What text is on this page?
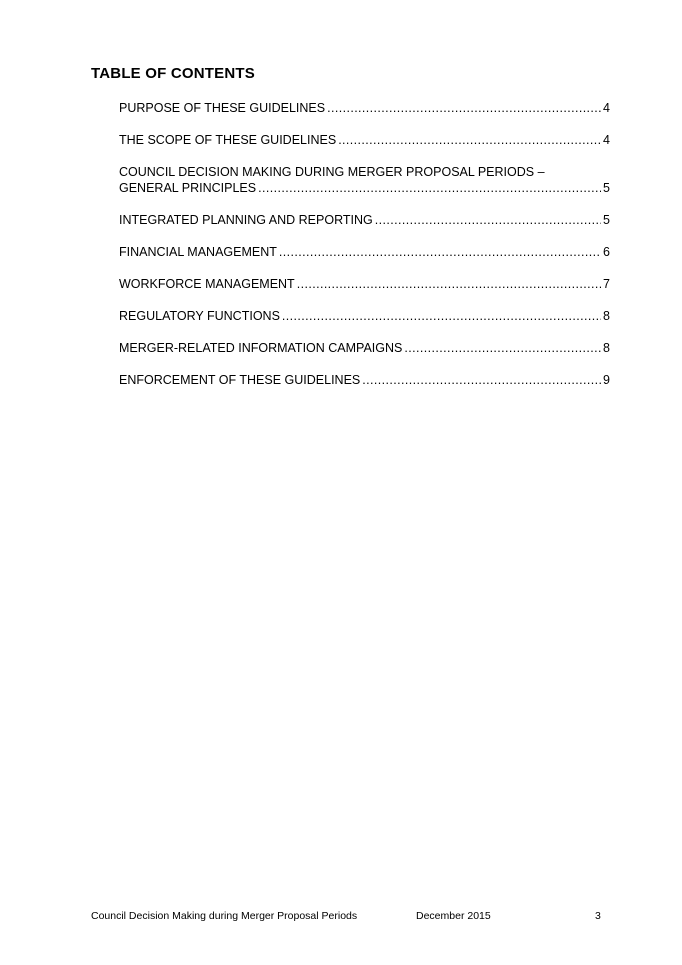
TABLE OF CONTENTS
PURPOSE OF THESE GUIDELINES .....	4
THE SCOPE OF THESE GUIDELINES .....	4
COUNCIL DECISION MAKING DURING MERGER PROPOSAL PERIODS –
GENERAL PRINCIPLES .....	5
INTEGRATED PLANNING AND REPORTING .....	5
FINANCIAL MANAGEMENT .....	6
WORKFORCE MANAGEMENT .....	7
REGULATORY FUNCTIONS .....	8
MERGER-RELATED INFORMATION CAMPAIGNS .....	8
ENFORCEMENT OF THESE GUIDELINES .....	9
Council Decision Making during Merger Proposal Periods	December 2015	3
